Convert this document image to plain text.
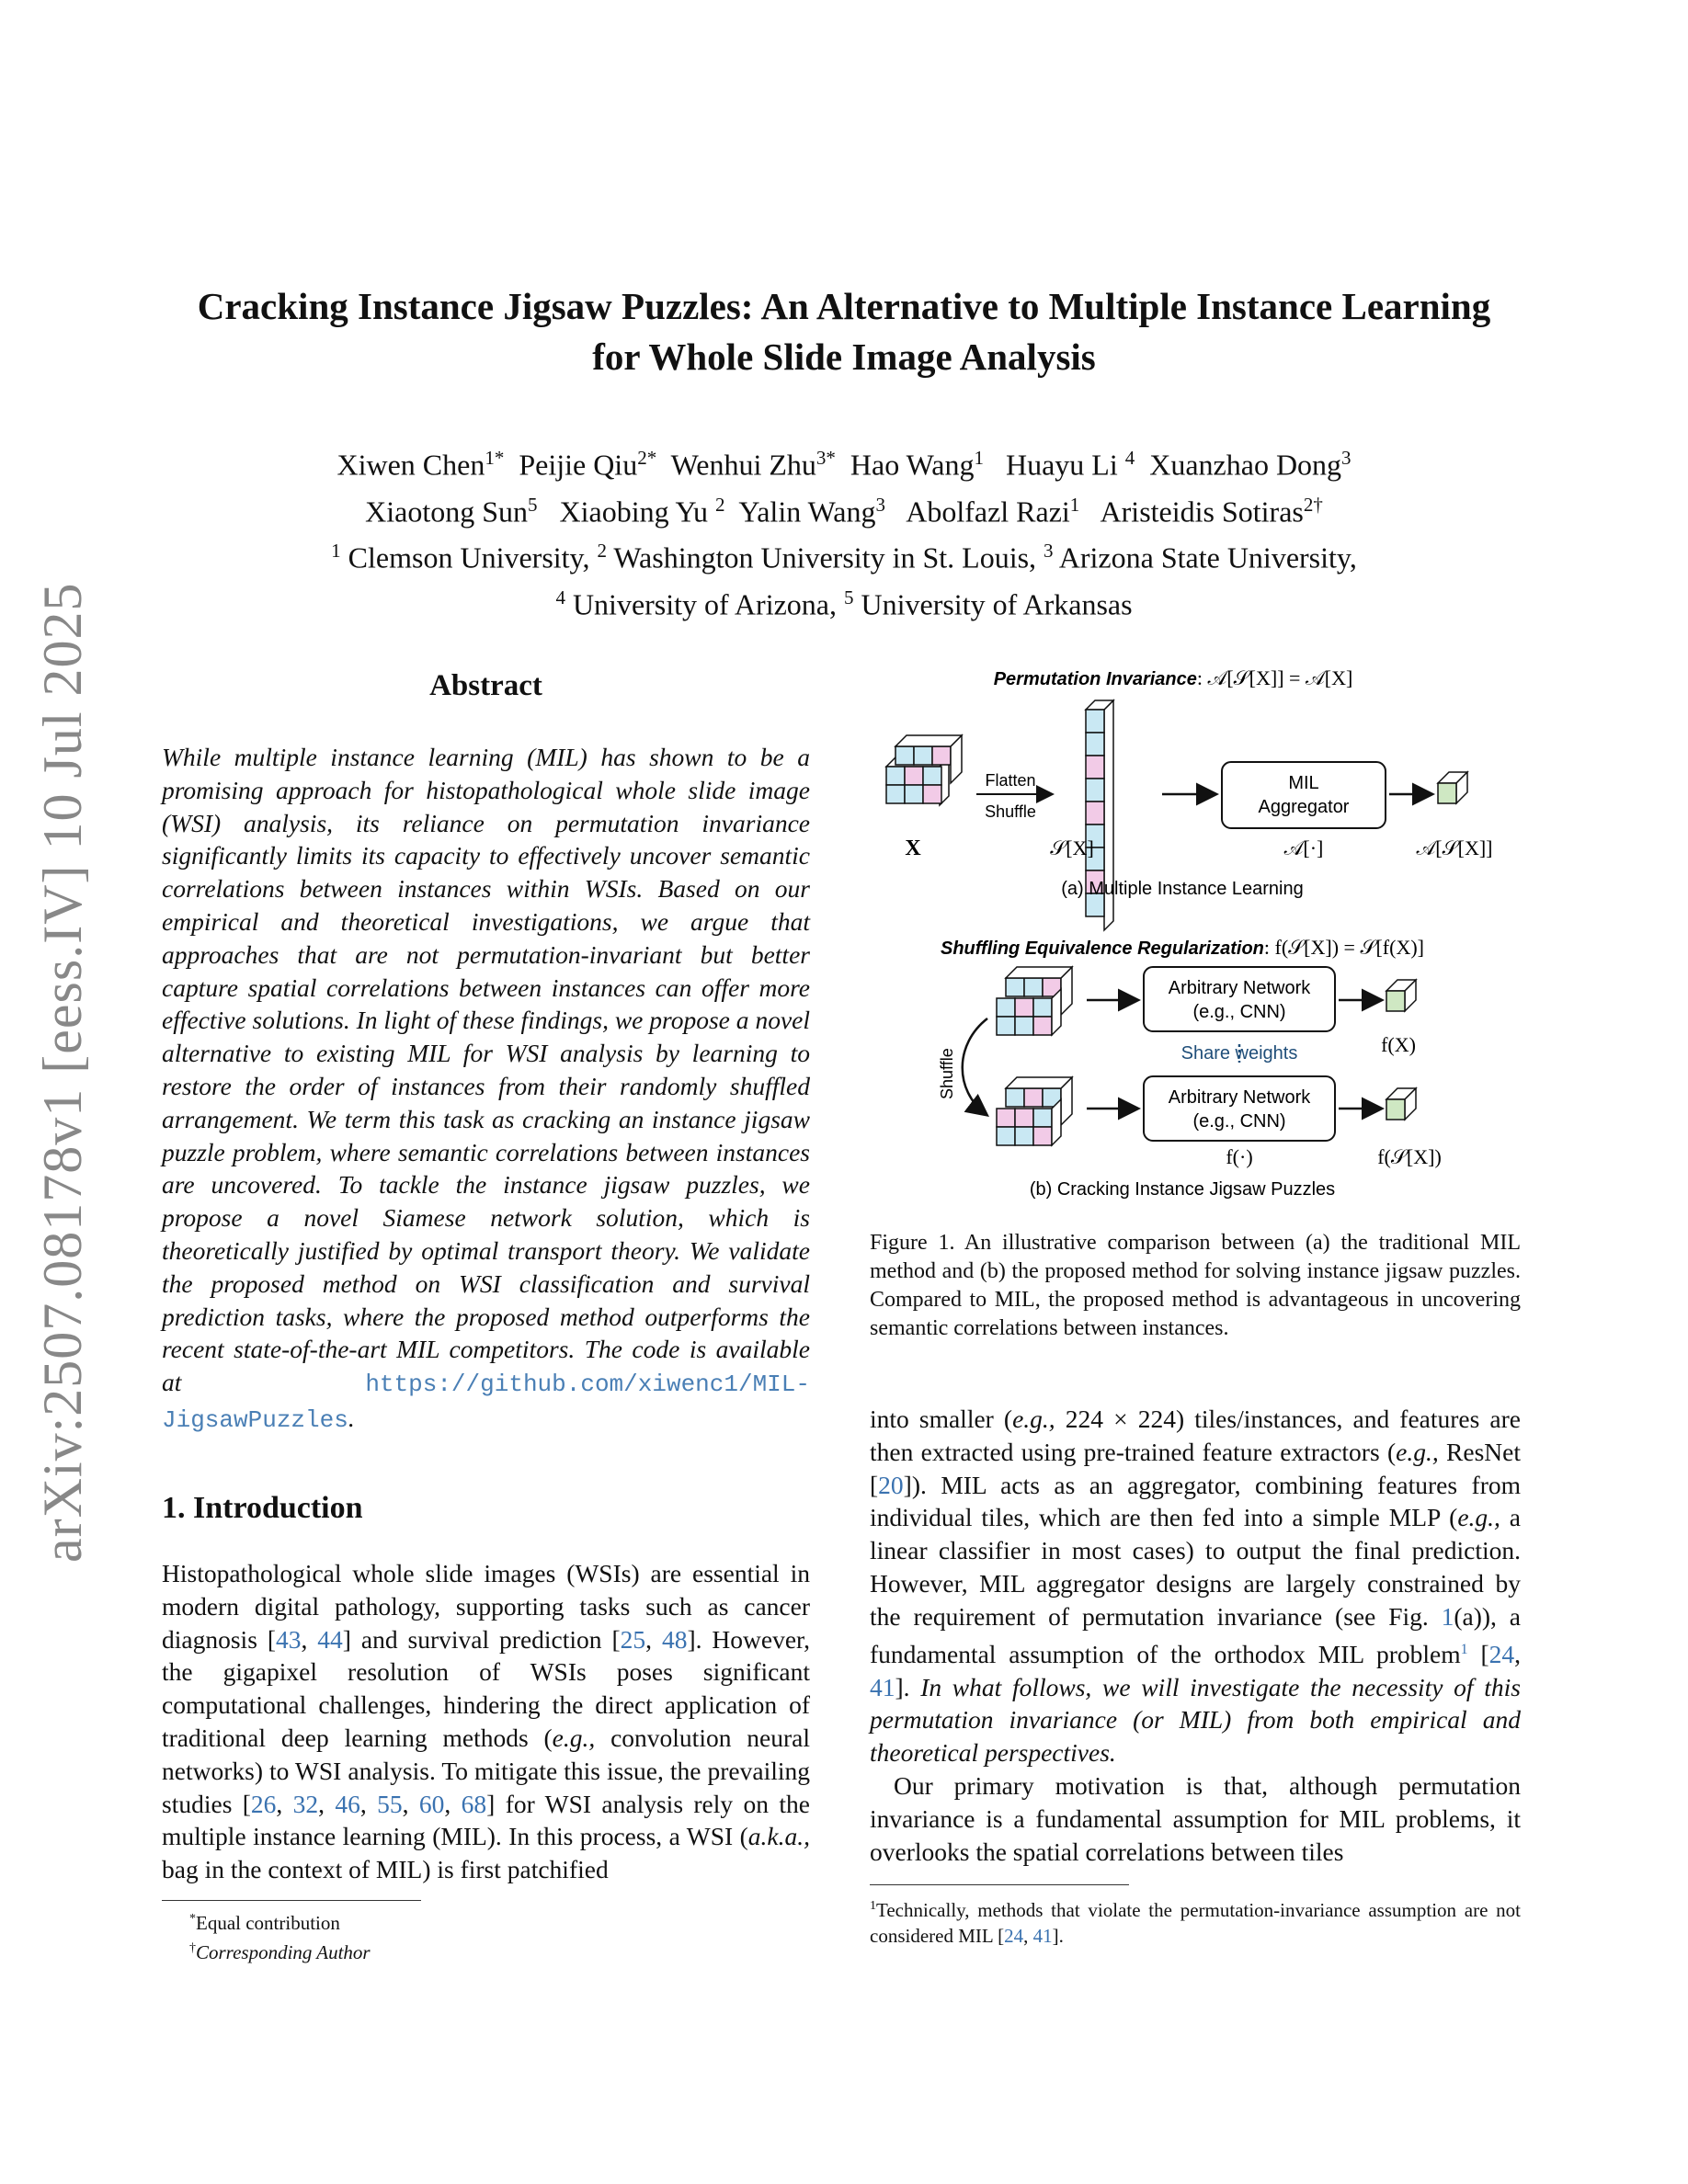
arXiv:2507.08178v1 [eess.IV] 10 Jul 2025
Cracking Instance Jigsaw Puzzles: An Alternative to Multiple Instance Learning
for Whole Slide Image Analysis
Xiwen Chen$^{1*}$ Peijie Qiu$^{2*}$ Wenhui Zhu$^{3*}$ Hao Wang$^1$ Huayu Li $^4$ Xuanzhao Dong$^3$
Xiaotong Sun$^5$ Xiaobing Yu $^2$ Yalin Wang$^3$ Abolfazl Razi$^1$ Aristeidis Sotiras$^{2\dagger}$
$^1$ Clemson University, $^2$ Washington University in St. Louis, $^3$ Arizona State University,
$^4$ University of Arizona, $^5$ University of Arkansas
Abstract
While multiple instance learning (MIL) has shown to be a promising approach for histopathological whole slide image (WSI) analysis, its reliance on permutation invariance significantly limits its capacity to effectively uncover semantic correlations between instances within WSIs. Based on our empirical and theoretical investigations, we argue that approaches that are not permutation-invariant but better capture spatial correlations between instances can offer more effective solutions. In light of these findings, we propose a novel alternative to existing MIL for WSI analysis by learning to restore the order of instances from their randomly shuffled arrangement. We term this task as cracking an instance jigsaw puzzle problem, where semantic correlations between instances are uncovered. To tackle the instance jigsaw puzzles, we propose a novel Siamese network solution, which is theoretically justified by optimal transport theory. We validate the proposed method on WSI classification and survival prediction tasks, where the proposed method outperforms the recent state-of-the-art MIL competitors. The code is available at	https://github.com/xiwenc1/MIL-JigsawPuzzles.
1. Introduction
Histopathological whole slide images (WSIs) are essential in modern digital pathology, supporting tasks such as cancer diagnosis [43, 44] and survival prediction [25, 48]. However, the gigapixel resolution of WSIs poses significant computational challenges, hindering the direct application of traditional deep learning methods (e.g., convolution neural networks) to WSI analysis. To mitigate this issue, the prevailing studies [26, 32, 46, 55, 60, 68] for WSI analysis rely on the multiple instance learning (MIL). In this process, a WSI (a.k.a., bag in the context of MIL) is first patchified
*Equal contribution
†Corresponding Author
Permutation Invariance: 𝒜[𝒮[X]] = 𝒜[X]
X
Flatten
Shuffle
𝒮[X]
MIL
Aggregator
𝒜[·]	𝒜[𝒮[X]]
(a) Multiple Instance Learning
Shuffling Equivalence Regularization: f(𝒮[X]) = 𝒮[f(X)]
Shuffle
Arbitrary Network
(e.g., CNN)
Arbitrary Network
(e.g., CNN)
Share weights	f(X)
f(·)	f(𝒮[X])
(b) Cracking Instance Jigsaw Puzzles
Figure 1. An illustrative comparison between (a) the traditional MIL method and (b) the proposed method for solving instance jigsaw puzzles. Compared to MIL, the proposed method is advantageous in uncovering semantic correlations between instances.

into smaller (e.g., 224 × 224) tiles/instances, and features are then extracted using pre-trained feature extractors (e.g., ResNet [20]). MIL acts as an aggregator, combining features from individual tiles, which are then fed into a simple MLP (e.g., a linear classifier in most cases) to output the final prediction. However, MIL aggregator designs are largely constrained by the requirement of permutation invariance (see Fig. 1(a)), a fundamental assumption of the orthodox MIL problem$^1$ [24, 41]. In what follows, we will investigate the necessity of this permutation invariance (or MIL) from both empirical and theoretical perspectives.

Our primary motivation is that, although permutation invariance is a fundamental assumption for MIL problems, it overlooks the spatial correlations between tiles

$^1$Technically, methods that violate the permutation-invariance assumption are not considered MIL [24, 41].
